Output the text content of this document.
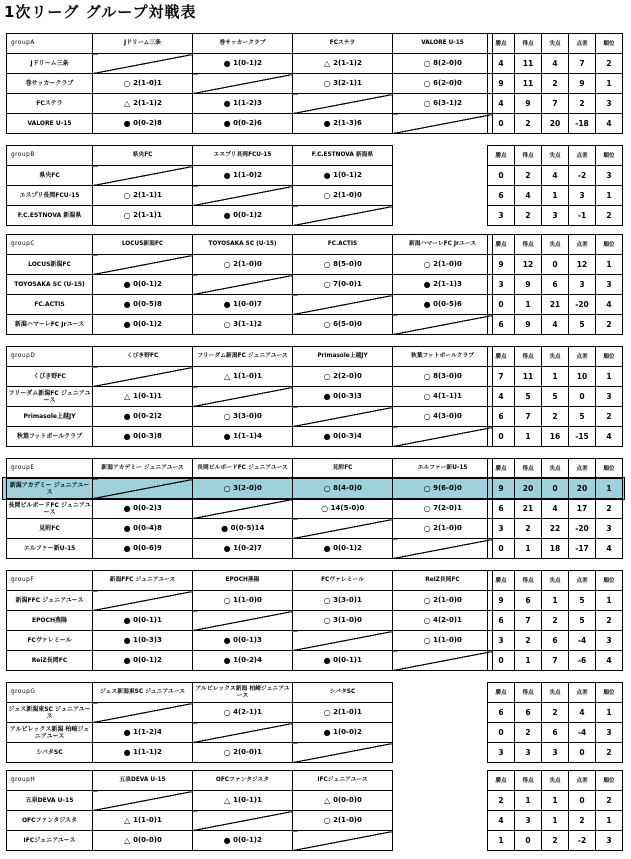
1次リーグ グループ対戦表
groupA	Jドリーム三条	巻サッカークラブ	FCステラ	VALORE U-15
Jドリーム三条		● 1(0-1)2	△ 2(1-1)2	○ 8(2-0)0

巻サッカークラブ	○ 2(1-0)1		○ 3(2-1)1	○ 6(2-0)0

FCステラ	△ 2(1-1)2	● 1(1-2)3		○ 6(3-1)2

VALORE U-15	● 0(0-2)8	● 0(0-2)6	● 2(1-3)6	

勝点	得点	失点	点差	順位
4	11	4	7	2
9	11	2	9	1
4	9	7	2	3
0	2	20	-18	4
groupB	県央FC	エスプリ長岡FCU-15	F.C.ESTNOVA 新潟県
県央FC		● 1(1-0)2	● 1(0-1)2

エスプリ長岡FCU-15	○ 2(1-1)1		○ 2(1-0)0

F.C.ESTNOVA 新潟県	○ 2(1-1)1	● 0(0-1)2	

勝点	得点	失点	点差	順位
0	2	4	-2	3
6	4	1	3	1
3	2	3	-1	2
groupC	LOCUS新潟FC	TOYOSAKA SC (U-15)	FC.ACTIS	新潟ハマーレFC Jrユース
LOCUS新潟FC		○ 2(1-0)0	○ 8(5-0)0	○ 2(1-0)0

TOYOSAKA SC (U-15)	● 0(0-1)2		○ 7(0-0)1	● 2(1-1)3

FC.ACTIS	● 0(0-5)8	● 1(0-0)7		● 0(0-5)6

新潟ハマーレFC Jrユース	● 0(0-1)2	○ 3(1-1)2	○ 6(5-0)0	

勝点	得点	失点	点差	順位
9	12	0	12	1
3	9	6	3	3
0	1	21	-20	4
6	9	4	5	2
groupD	くびき野FC	フリーダム新潟FC ジュニアユース	Primasole上越JY	秋葉フットボールクラブ
くびき野FC		△ 1(1-0)1	○ 2(2-0)0	○ 8(3-0)0

フリーダム新潟FC ジュニアユース	△ 1(0-1)1		● 0(0-3)3	○ 4(1-1)1

Primasole上越JY	● 0(0-2)2	○ 3(3-0)0		○ 4(3-0)0

秋葉フットボールクラブ	● 0(0-3)8	● 1(1-1)4	● 0(0-3)4	

勝点	得点	失点	点差	順位
7	11	1	10	1
4	5	5	0	3
6	7	2	5	2
0	1	16	-15	4
groupE	新潟アカデミー ジュニアユース	長岡ビルボードFC ジュニアユース	見附FC	エルファー新U-15
新潟アカデミー ジュニアユース		○ 3(2-0)0	○ 8(4-0)0	○ 9(6-0)0

長岡ビルボードFC ジュニアユース	● 0(0-2)3		○ 14(5-0)0	○ 7(2-0)1

見附FC	● 0(0-4)8	● 0(0-5)14		○ 2(1-0)0

エルファー新U-15	● 0(0-6)9	● 1(0-2)7	● 0(0-1)2	

勝点	得点	失点	点差	順位
9	20	0	20	1
6	21	4	17	2
3	2	22	-20	3
0	1	18	-17	4
groupF	新潟FFC ジュニアユース	EPOCH燕陽	FCヴァレミール	ReiZ長岡FC
新潟FFC ジュニアユース		○ 1(1-0)0	○ 3(3-0)1	○ 2(1-0)0

EPOCH燕陽	● 0(0-1)1		○ 3(1-0)0	○ 4(2-0)1

FCヴァレミール	● 1(0-3)3	● 0(0-1)3		○ 1(1-0)0

ReiZ長岡FC	● 0(0-1)2	● 1(0-2)4	● 0(0-1)1	

勝点	得点	失点	点差	順位
9	6	1	5	1
6	7	2	5	2
3	2	6	-4	3
0	1	7	-6	4
groupG	ジェス新潟東SC ジュニアユース	アルビレックス新潟 柏崎ジュニアユース	シバタSC
ジェス新潟東SC ジュニアユース		○ 4(2-1)1	○ 2(1-0)1

アルビレックス新潟 柏崎ジュニアユース	● 1(1-2)4		● 1(0-0)2

シバタSC	● 1(1-1)2	○ 2(0-0)1	

勝点	得点	失点	点差	順位
6	6	2	4	1
0	2	6	-4	3
3	3	3	0	2
groupH	五泉DEVA U-15	OFCファンタジスタ	IFCジュニアユース
五泉DEVA U-15		△ 1(0-1)1	△ 0(0-0)0

OFCファンタジスタ	△ 1(1-0)1		○ 2(1-0)0

IFCジュニアユース	△ 0(0-0)0	● 0(0-1)2	

勝点	得点	失点	点差	順位
2	1	1	0	2
4	3	1	2	1
1	0	2	-2	3
